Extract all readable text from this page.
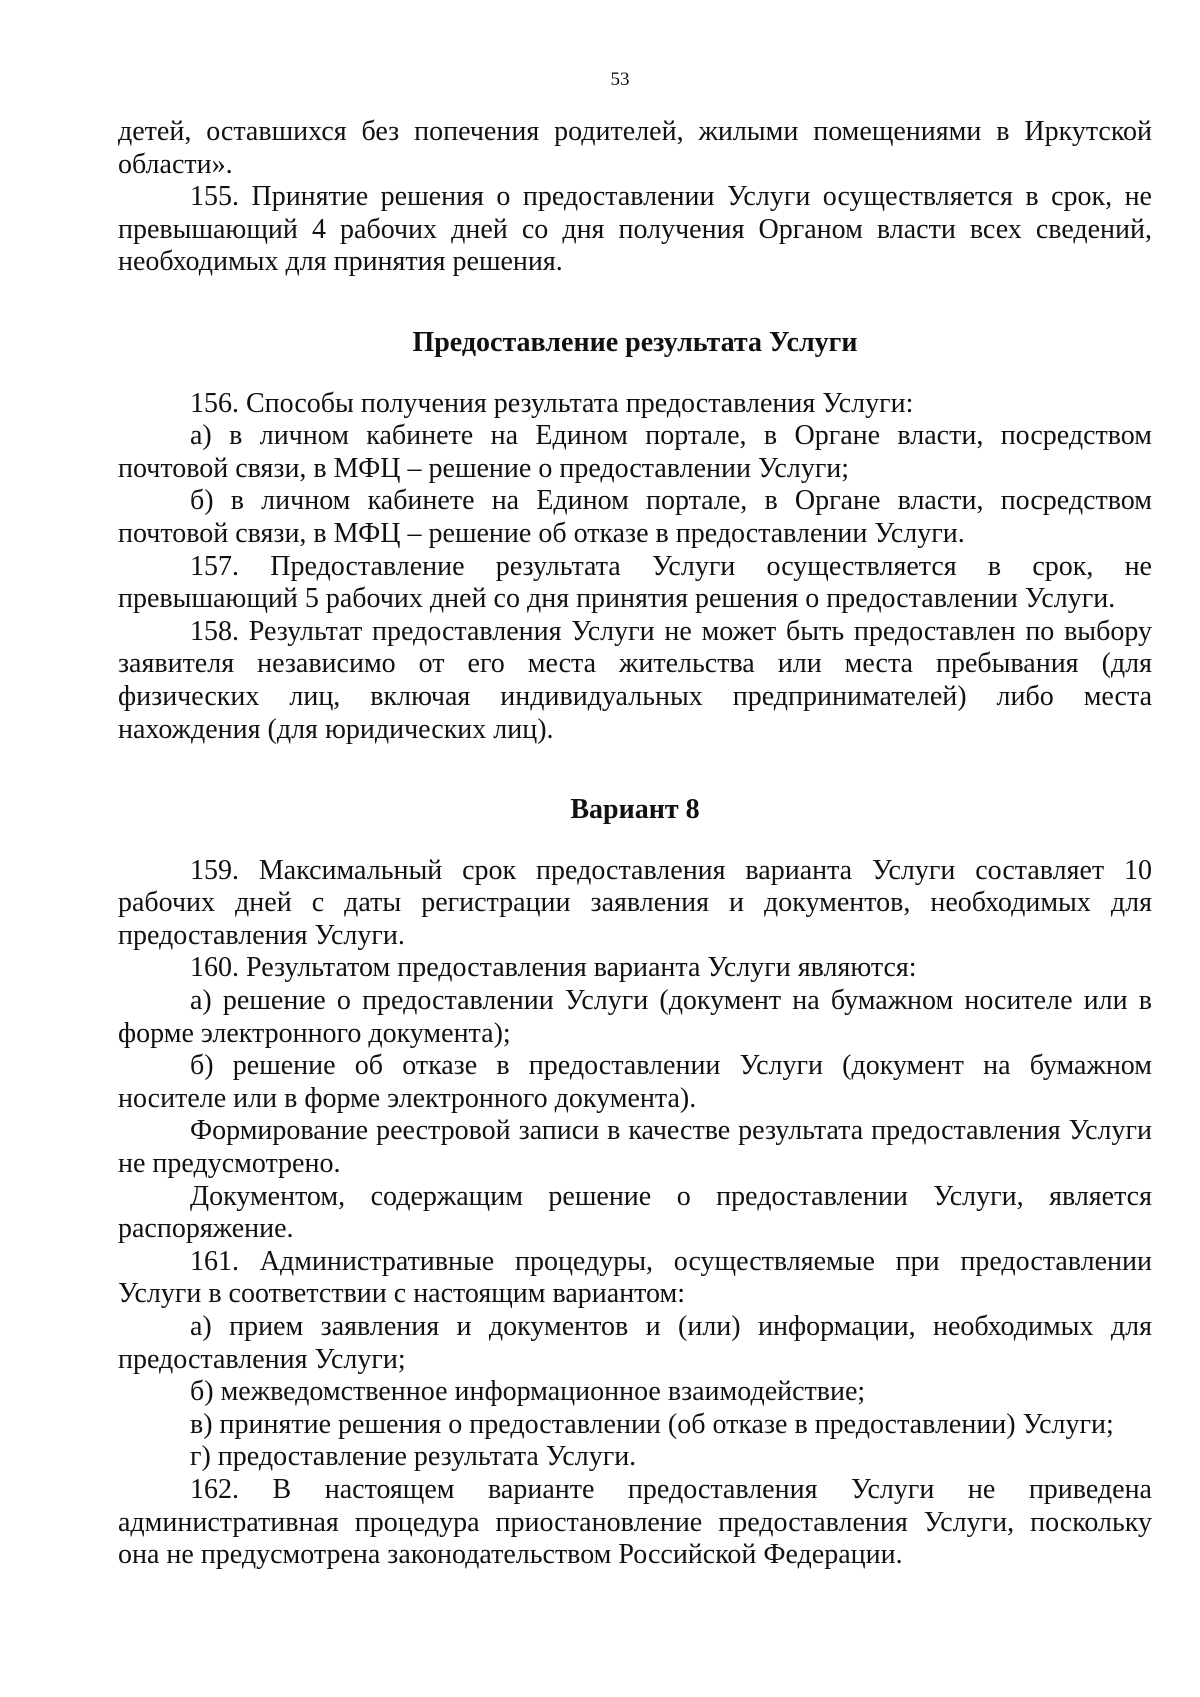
53

детей, оставшихся без попечения родителей, жилыми помещениями в Иркутской области».

155. Принятие решения о предоставлении Услуги осуществляется в срок, не превышающий 4 рабочих дней со дня получения Органом власти всех сведений, необходимых для принятия решения.

Предоставление результата Услуги

156. Способы получения результата предоставления Услуги:

а) в личном кабинете на Едином портале, в Органе власти, посредством почтовой связи, в МФЦ – решение о предоставлении Услуги;

б) в личном кабинете на Едином портале, в Органе власти, посредством почтовой связи, в МФЦ – решение об отказе в предоставлении Услуги.

157. Предоставление результата Услуги осуществляется в срок, не превышающий 5 рабочих дней со дня принятия решения о предоставлении Услуги.

158. Результат предоставления Услуги не может быть предоставлен по выбору заявителя независимо от его места жительства или места пребывания (для физических лиц, включая индивидуальных предпринимателей) либо места нахождения (для юридических лиц).

Вариант 8

159. Максимальный срок предоставления варианта Услуги составляет 10 рабочих дней с даты регистрации заявления и документов, необходимых для предоставления Услуги.

160. Результатом предоставления варианта Услуги являются:

а) решение о предоставлении Услуги (документ на бумажном носителе или в форме электронного документа);

б) решение об отказе в предоставлении Услуги (документ на бумажном носителе или в форме электронного документа).

Формирование реестровой записи в качестве результата предоставления Услуги не предусмотрено.

Документом, содержащим решение о предоставлении Услуги, является распоряжение.

161. Административные процедуры, осуществляемые при предоставлении Услуги в соответствии с настоящим вариантом:

а) прием заявления и документов и (или) информации, необходимых для предоставления Услуги;

б) межведомственное информационное взаимодействие;

в) принятие решения о предоставлении (об отказе в предоставлении) Услуги;

г) предоставление результата Услуги.

162. В настоящем варианте предоставления Услуги не приведена административная процедура приостановление предоставления Услуги, поскольку она не предусмотрена законодательством Российской Федерации.
